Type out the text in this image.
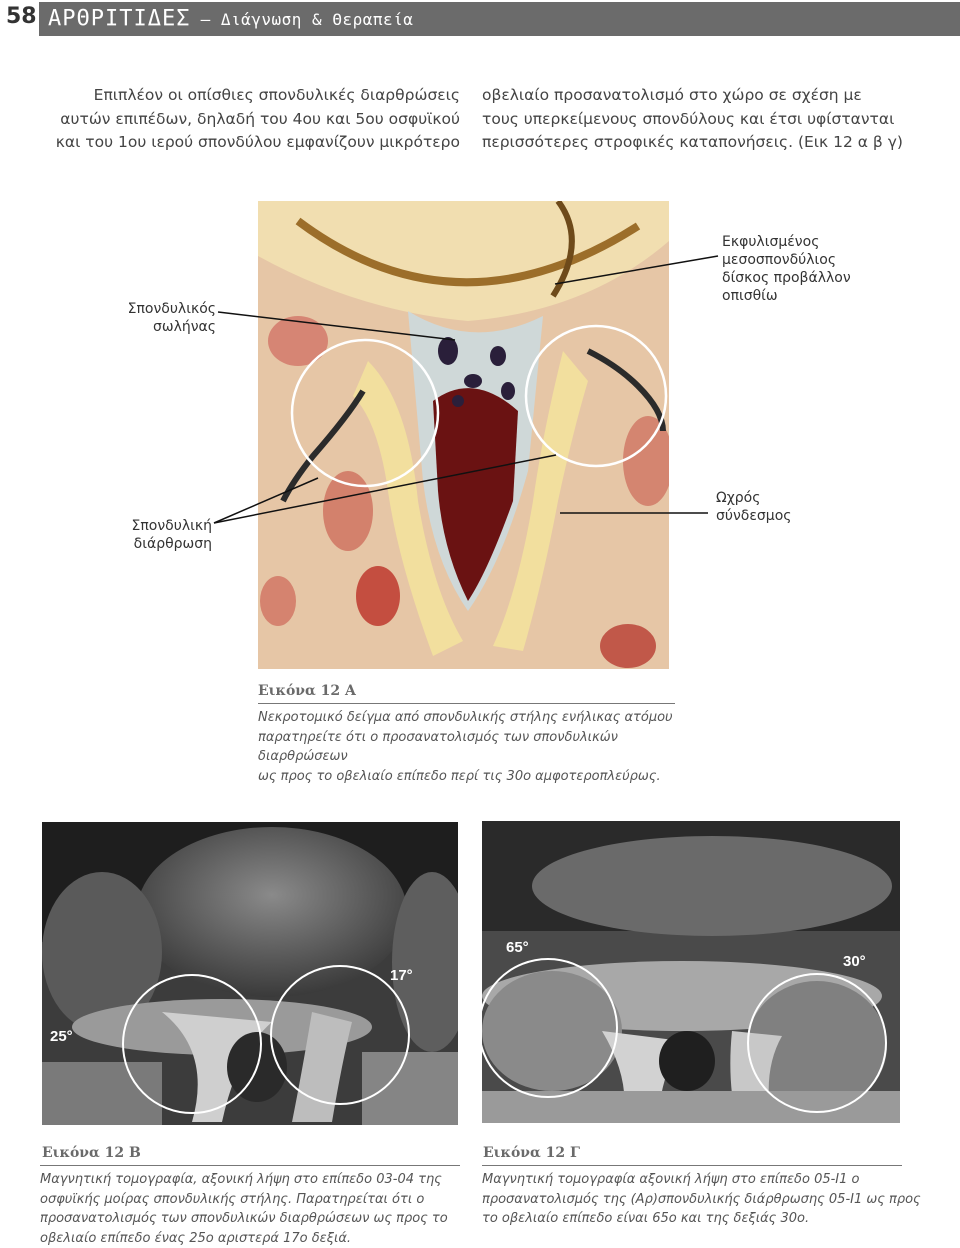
58 ΑΡΘΡΙΤΙΔΕΣ – Διάγνωση & Θεραπεία
Επιπλέον οι οπίσθιες σπονδυλικές διαρθρώσεις
αυτών επιπέδων, δηλαδή του 4ου και 5ου οσφυϊκού
και του 1ου ιερού σπονδύλου εμφανίζουν μικρότερο
οβελιαίο προσανατολισμό στο χώρο σε σχέση με
τους υπερκείμενους σπονδύλους και έτσι υφίστανται
περισσότερες στροφικές καταπονήσεις. (Εικ 12 α β γ)
Σπονδυλικός
σωλήνας
Εκφυλισμένος
μεσοσπονδύλιος
δίσκος προβάλλον
οπισθίω
Σπονδυλική
διάρθρωση
Ωχρός
σύνδεσμος
Εικόνα 12 Α
Νεκροτομικό δείγμα από σπονδυλικής στήλης ενήλικας ατόμου
παρατηρείτε ότι ο προσανατολισμός των σπονδυλικών διαρθρώσεων
ως προς το οβελιαίο επίπεδο περί τις 30ο αμφοτεροπλεύρως.
25°
17°
65°
30°
Εικόνα 12 Β
Μαγνητική τομογραφία, αξονική λήψη στο επίπεδο 03-04 της
οσφυϊκής μοίρας σπονδυλικής στήλης. Παρατηρείται ότι ο
προσανατολισμός των σπονδυλικών διαρθρώσεων ως προς το
οβελιαίο επίπεδο ένας 25ο αριστερά 17ο δεξιά.
Εικόνα 12 Γ
Μαγνητική τομογραφία αξονική λήψη στο επίπεδο 05-Ι1 ο
προσανατολισμός της (Αρ)σπονδυλικής διάρθρωσης 05-Ι1 ως προς
το οβελιαίο επίπεδο είναι 65ο και της δεξιάς 30ο.
